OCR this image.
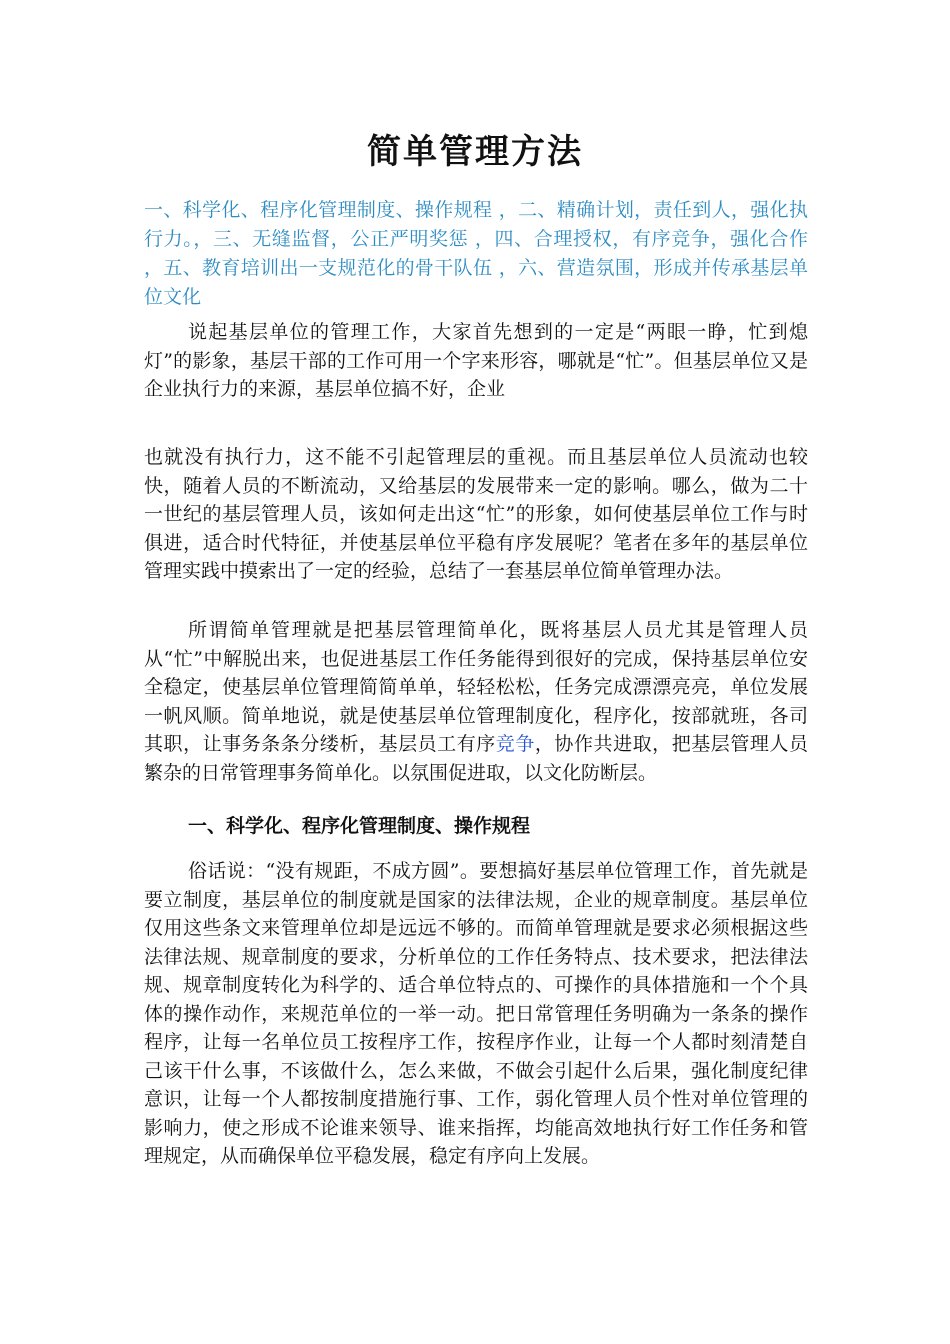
简单管理方法

一、科学化、程序化管理制度、操作规程 ，二、精确计划，责任到人，强化执行力。，三、无缝监督，公正严明奖惩 ，四、合理授权，有序竞争，强化合作 ，五、教育培训出一支规范化的骨干队伍 ，六、营造氛围，形成并传承基层单位文化

说起基层单位的管理工作，大家首先想到的一定是“两眼一睁，忙到熄灯”的影象，基层干部的工作可用一个字来形容，哪就是“忙”。但基层单位又是企业执行力的来源，基层单位搞不好，企业

也就没有执行力，这不能不引起管理层的重视。而且基层单位人员流动也较快，随着人员的不断流动，又给基层的发展带来一定的影响。哪么，做为二十一世纪的基层管理人员，该如何走出这“忙”的形象，如何使基层单位工作与时俱进，适合时代特征，并使基层单位平稳有序发展呢？笔者在多年的基层单位管理实践中摸索出了一定的经验，总结了一套基层单位简单管理办法。

所谓简单管理就是把基层管理简单化，既将基层人员尤其是管理人员从“忙”中解脱出来，也促进基层工作任务能得到很好的完成，保持基层单位安全稳定，使基层单位管理简简单单，轻轻松松，任务完成漂漂亮亮，单位发展一帆风顺。简单地说，就是使基层单位管理制度化，程序化，按部就班，各司其职，让事务条条分缕析，基层员工有序竞争，协作共进取，把基层管理人员繁杂的日常管理事务简单化。以氛围促进取，以文化防断层。

一、科学化、程序化管理制度、操作规程

俗话说：“没有规距，不成方圆”。要想搞好基层单位管理工作，首先就是要立制度，基层单位的制度就是国家的法律法规，企业的规章制度。基层单位仅用这些条文来管理单位却是远远不够的。而简单管理就是要求必须根据这些法律法规、规章制度的要求，分析单位的工作任务特点、技术要求，把法律法规、规章制度转化为科学的、适合单位特点的、可操作的具体措施和一个个具体的操作动作，来规范单位的一举一动。把日常管理任务明确为一条条的操作程序，让每一名单位员工按程序工作，按程序作业，让每一个人都时刻清楚自己该干什么事，不该做什么，怎么来做，不做会引起什么后果，强化制度纪律意识，让每一个人都按制度措施行事、工作，弱化管理人员个性对单位管理的影响力，使之形成不论谁来领导、谁来指挥，均能高效地执行好工作任务和管理规定，从而确保单位平稳发展，稳定有序向上发展。
